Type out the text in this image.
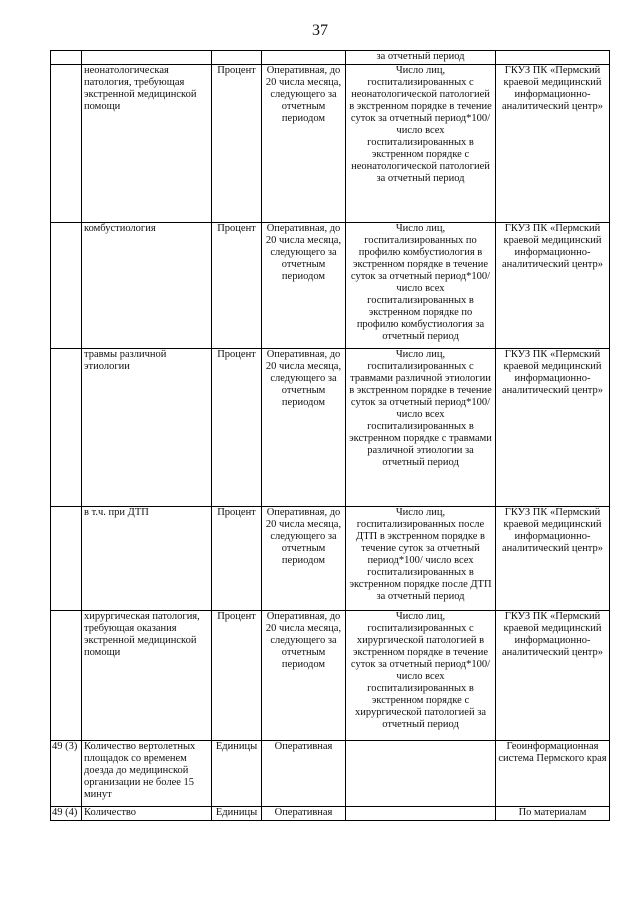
37
				за отчетный период	
	неонатологическая патология, требующая экстренной медицинской помощи	Процент	Оперативная, до 20 числа месяца, следующего за отчетным периодом	Число лиц, госпитализированных с неонатологической патологией в экстренном порядке в течение суток за отчетный период*100/ число всех госпитализированных в экстренном порядке с неонатологической патологией за отчетный период	ГКУЗ ПК «Пермский краевой медицинский информационно-аналитический центр»
	комбустиология	Процент	Оперативная, до 20 числа месяца, следующего за отчетным периодом	Число лиц, госпитализированных по профилю комбустиология в экстренном порядке в течение суток за отчетный период*100/ число всех госпитализированных в экстренном порядке по профилю комбустиология за отчетный период	ГКУЗ ПК «Пермский краевой медицинский информационно-аналитический центр»
	травмы различной этиологии	Процент	Оперативная, до 20 числа месяца, следующего за отчетным периодом	Число лиц, госпитализированных с травмами различной этиологии в экстренном порядке в течение суток за отчетный период*100/ число всех госпитализированных в экстренном порядке с травмами различной этиологии за отчетный период	ГКУЗ ПК «Пермский краевой медицинский информационно-аналитический центр»
	в т.ч. при ДТП	Процент	Оперативная, до 20 числа месяца, следующего за отчетным периодом	Число лиц, госпитализированных после ДТП в экстренном порядке в течение суток за отчетный период*100/ число всех госпитализированных в экстренном порядке после ДТП за отчетный период	ГКУЗ ПК «Пермский краевой медицинский информационно-аналитический центр»
	хирургическая патология, требующая оказания экстренной медицинской помощи	Процент	Оперативная, до 20 числа месяца, следующего за отчетным периодом	Число лиц, госпитализированных с хирургической патологией в экстренном порядке в течение суток за отчетный период*100/число всех госпитализированных в экстренном порядке с хирургической патологией за отчетный период	ГКУЗ ПК «Пермский краевой медицинский информационно-аналитический центр»
49 (3)	Количество вертолетных площадок со временем доезда до медицинской организации не более 15 минут	Единицы	Оперативная		Геоинформационная система Пермского края
49 (4)	Количество	Единицы	Оперативная		По материалам
